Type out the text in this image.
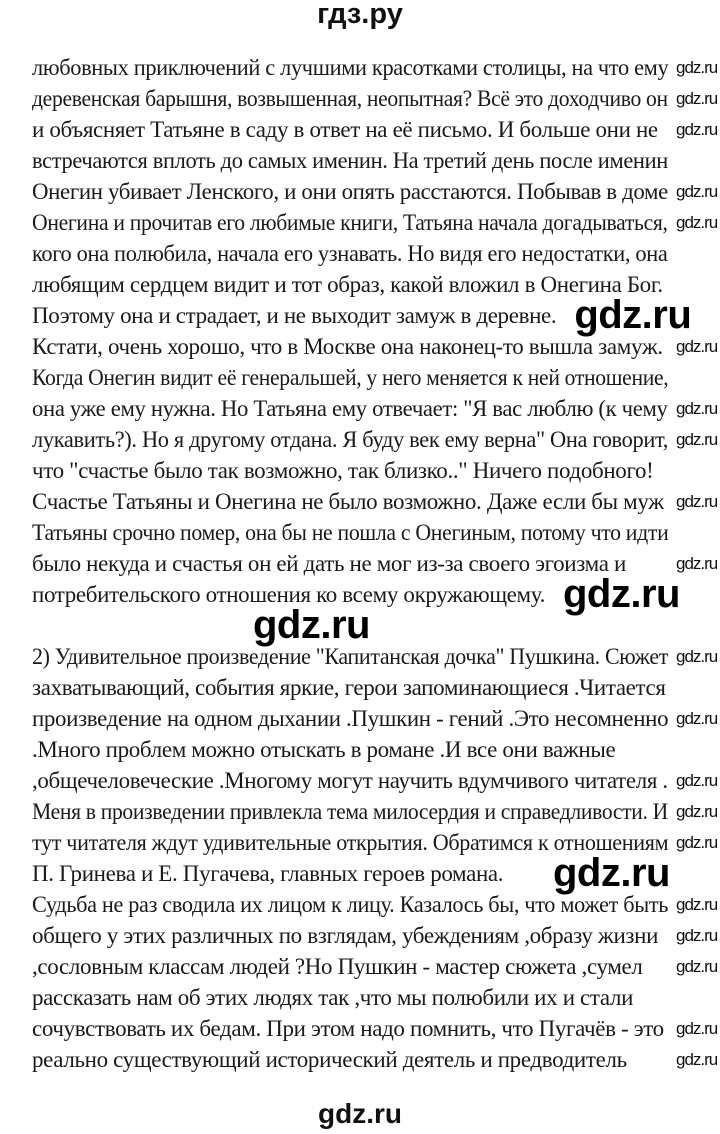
гдз.ру
любовных приключений с лучшими красотками столицы, на что ему
деревенская барышня, возвышенная, неопытная? Всё это доходчиво он
и объясняет Татьяне в саду в ответ на её письмо. И больше они не
встречаются вплоть до самых именин. На третий день после именин
Онегин убивает Ленского, и они опять расстаются. Побывав в доме
Онегина и прочитав его любимые книги, Татьяна начала догадываться,
кого она полюбила, начала его узнавать. Но видя его недостатки, она
любящим сердцем видит и тот образ, какой вложил в Онегина Бог.
Поэтому она и страдает, и не выходит замуж в деревне.
Кстати, очень хорошо, что в Москве она наконец-то вышла замуж.
Когда Онегин видит её генеральшей, у него меняется к ней отношение,
она уже ему нужна. Но Татьяна ему отвечает: "Я вас люблю (к чему
лукавить?). Но я другому отдана. Я буду век ему верна" Она говорит,
что "счастье было так возможно, так близко.." Ничего подобного!
Счастье Татьяны и Онегина не было возможно. Даже если бы муж
Татьяны срочно помер, она бы не пошла с Онегиным, потому что идти
было некуда и счастья он ей дать не мог из-за своего эгоизма и
потребительского отношения ко всему окружающему.
2) Удивительное произведение "Капитанская дочка" Пушкина. Сюжет
захватывающий, события яркие, герои запоминающиеся .Читается
произведение на одном дыхании .Пушкин - гений .Это несомненно
.Много проблем можно отыскать в романе .И все они важные
,общечеловеческие .Многому могут научить вдумчивого читателя .
Меня в произведении привлекла тема милосердия и справедливости. И
тут читателя ждут удивительные открытия. Обратимся к отношениям
П. Гринева и Е. Пугачева, главных героев романа.
Судьба не раз сводила их лицом к лицу. Казалось бы, что может быть
общего у этих различных по взглядам, убеждениям ,образу жизни
,сословным классам людей ?Но Пушкин - мастер сюжета ,сумел
рассказать нам об этих людях так ,что мы полюбили их и стали
сочувствовать их бедам. При этом надо помнить, что Пугачёв - это
реально существующий исторический деятель и предводитель
gdz.ru
gdz.ru
gdz.ru
gdz.ru
gdz.ru
gdz.ru
gdz.ru
gdz.ru
gdz.ru
gdz.ru
gdz.ru
gdz.ru
gdz.ru
gdz.ru
gdz.ru
gdz.ru
gdz.ru
gdz.ru
gdz.ru
gdz.ru
gdz.ru
gdz.ru
gdz.ru
gdz.ru
gdz.ru
